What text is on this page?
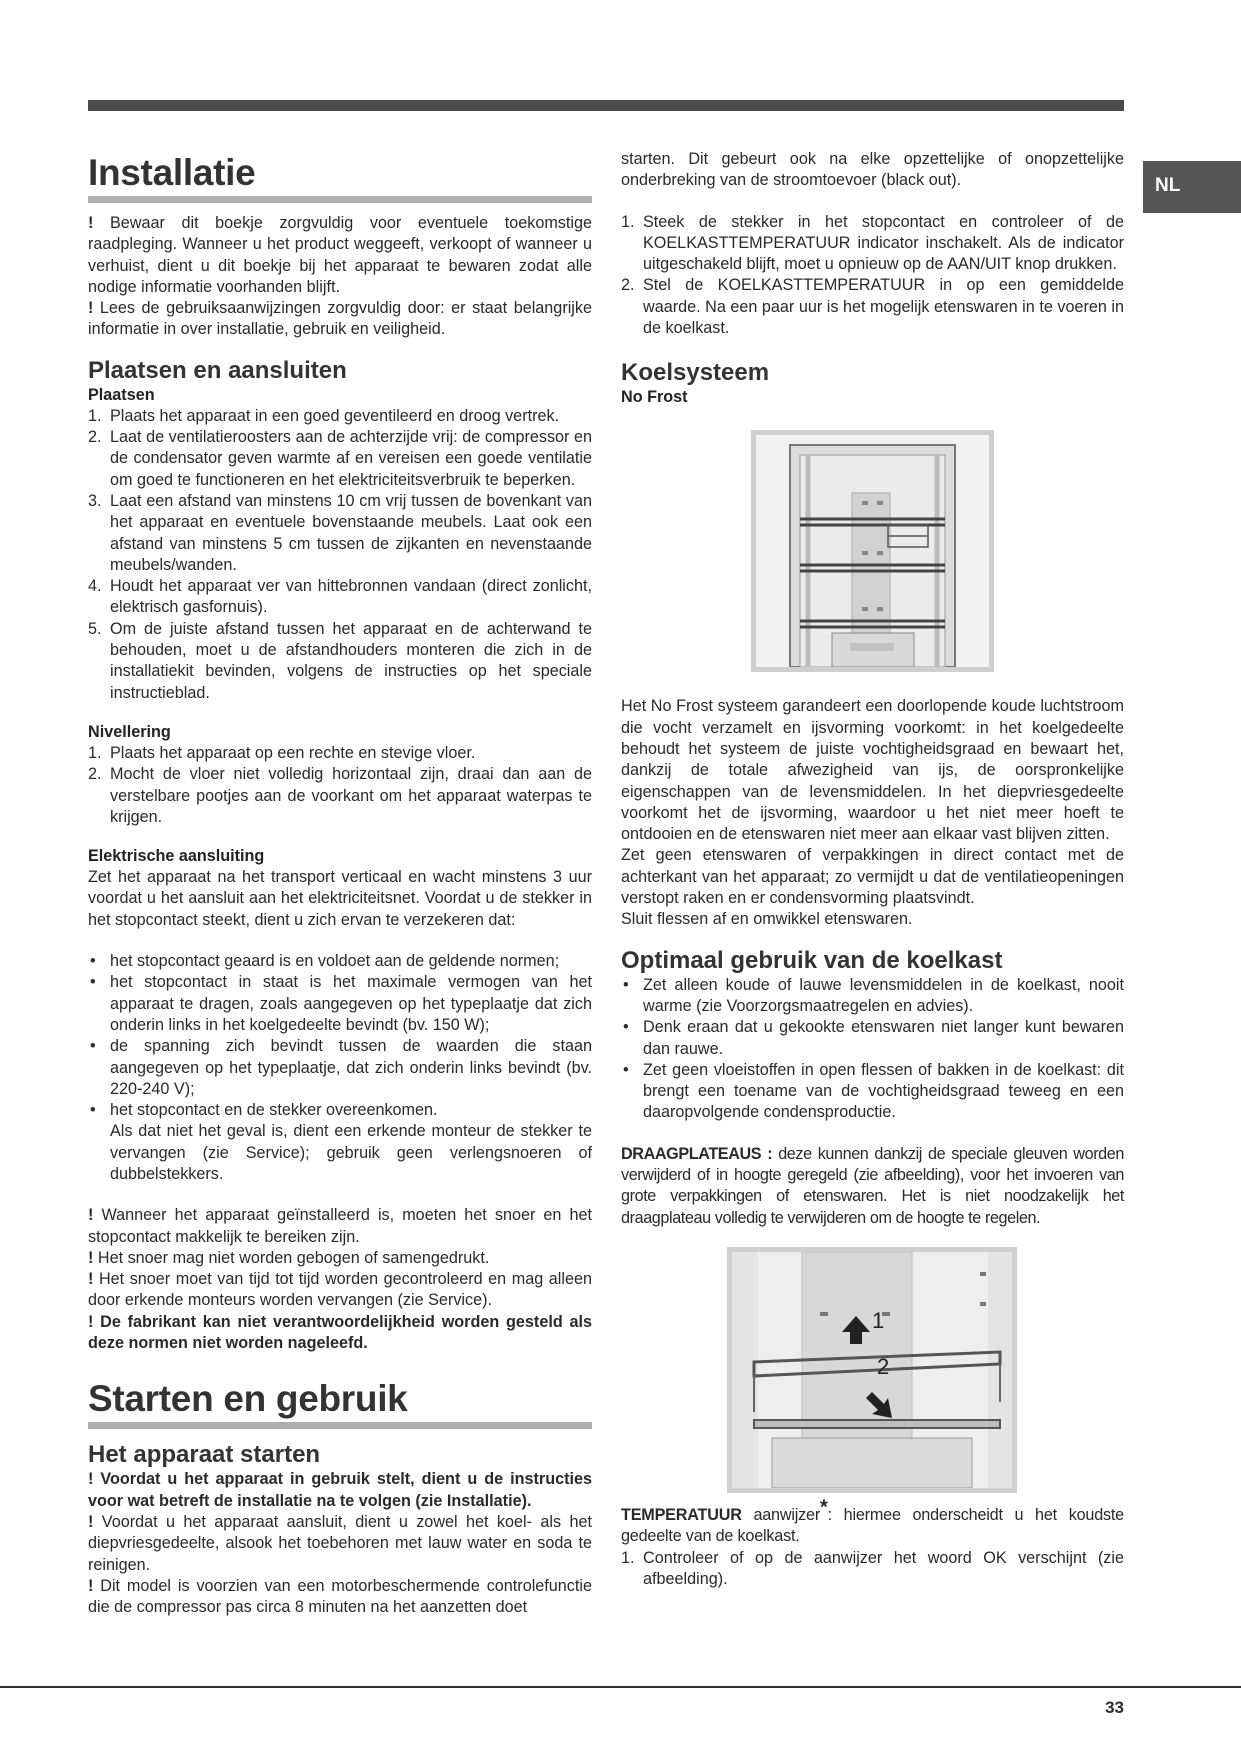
NL
Installatie

! Bewaar dit boekje zorgvuldig voor eventuele toekomstige raadpleging. Wanneer u het product weggeeft, verkoopt of wanneer u verhuist, dient u dit boekje bij het apparaat te bewaren zodat alle nodige informatie voorhanden blijft.

! Lees de gebruiksaanwijzingen zorgvuldig door: er staat belangrijke informatie in over installatie, gebruik en veiligheid.

Plaatsen en aansluiten
Plaatsen
1. Plaats het apparaat in een goed geventileerd en droog vertrek.
2. Laat de ventilatieroosters aan de achterzijde vrij: de compressor en de condensator geven warmte af en vereisen een goede ventilatie om goed te functioneren en het elektriciteitsverbruik te beperken.
3. Laat een afstand van minstens 10 cm vrij tussen de bovenkant van het apparaat en eventuele bovenstaande meubels. Laat ook een afstand van minstens 5 cm tussen de zijkanten en nevenstaande meubels/wanden.
4. Houdt het apparaat ver van hittebronnen vandaan (direct zonlicht, elektrisch gasfornuis).
5. Om de juiste afstand tussen het apparaat en de achterwand te behouden, moet u de afstandhouders monteren die zich in de installatiekit bevinden, volgens de instructies op het speciale instructieblad.
Nivellering
1. Plaats het apparaat op een rechte en stevige vloer.
2. Mocht de vloer niet volledig horizontaal zijn, draai dan aan de verstelbare pootjes aan de voorkant om het apparaat waterpas te krijgen.
Elektrische aansluiting

Zet het apparaat na het transport verticaal en wacht minstens 3 uur voordat u het aansluit aan het elektriciteitsnet. Voordat u de stekker in het stopcontact steekt, dient u zich ervan te verzekeren dat:

• het stopcontact geaard is en voldoet aan de geldende normen;
• het stopcontact in staat is het maximale vermogen van het apparaat te dragen, zoals aangegeven op het typeplaatje dat zich onderin links in het koelgedeelte bevindt (bv. 150 W);
• de spanning zich bevindt tussen de waarden die staan aangegeven op het typeplaatje, dat zich onderin links bevindt (bv. 220-240 V);
• het stopcontact en de stekker overeenkomen.

Als dat niet het geval is, dient een erkende monteur de stekker te vervangen (zie Service); gebruik geen verlengsnoeren of dubbelstekkers.

! Wanneer het apparaat geïnstalleerd is, moeten het snoer en het stopcontact makkelijk te bereiken zijn.

! Het snoer mag niet worden gebogen of samengedrukt.

! Het snoer moet van tijd tot tijd worden gecontroleerd en mag alleen door erkende monteurs worden vervangen (zie Service).

! De fabrikant kan niet verantwoordelijkheid worden gesteld als deze normen niet worden nageleefd.

Starten en gebruik
Het apparaat starten

! Voordat u het apparaat in gebruik stelt, dient u de instructies voor wat betreft de installatie na te volgen (zie Installatie).

! Voordat u het apparaat aansluit, dient u zowel het koel- als het diepvriesgedeelte, alsook het toebehoren met lauw water en soda te reinigen.

! Dit model is voorzien van een motorbeschermende controlefunctie die de compressor pas circa 8 minuten na het aanzetten doet

starten. Dit gebeurt ook na elke opzettelijke of onopzettelijke onderbreking van de stroomtoevoer (black out).

1. Steek de stekker in het stopcontact en controleer of de KOELKASTTEMPERATUUR indicator inschakelt. Als de indicator uitgeschakeld blijft, moet u opnieuw op de AAN/UIT knop drukken.
2. Stel de KOELKASTTEMPERATUUR in op een gemiddelde waarde. Na een paar uur is het mogelijk etenswaren in te voeren in de koelkast.
Koelsysteem
No Frost

Het No Frost systeem garandeert een doorlopende koude luchtstroom die vocht verzamelt en ijsvorming voorkomt: in het koelgedeelte behoudt het systeem de juiste vochtigheidsgraad en bewaart het, dankzij de totale afwezigheid van ijs, de oorspronkelijke eigenschappen van de levensmiddelen. In het diepvriesgedeelte voorkomt het de ijsvorming, waardoor u het niet meer hoeft te ontdooien en de etenswaren niet meer aan elkaar vast blijven zitten.

Zet geen etenswaren of verpakkingen in direct contact met de achterkant van het apparaat; zo vermijdt u dat de ventilatieopeningen verstopt raken en er condensvorming plaatsvindt.

Sluit flessen af en omwikkel etenswaren.

Optimaal gebruik van de koelkast
• Zet alleen koude of lauwe levensmiddelen in de koelkast, nooit warme (zie Voorzorgsmaatregelen en advies).
• Denk eraan dat u gekookte etenswaren niet langer kunt bewaren dan rauwe.
• Zet geen vloeistoffen in open flessen of bakken in de koelkast: dit brengt een toename van de vochtigheidsgraad teweeg en een daaropvolgende condensproductie.

DRAAGPLATEAUS : deze kunnen dankzij de speciale gleuven worden verwijderd of in hoogte geregeld (zie afbeelding), voor het invoeren van grote verpakkingen of etenswaren. Het is niet noodzakelijk het draagplateau volledig te verwijderen om de hoogte te regelen.

1
2

TEMPERATUUR aanwijzer*: hiermee onderscheidt u het koudste gedeelte van de koelkast.

1. Controleer of op de aanwijzer het woord OK verschijnt (zie afbeelding).
33
